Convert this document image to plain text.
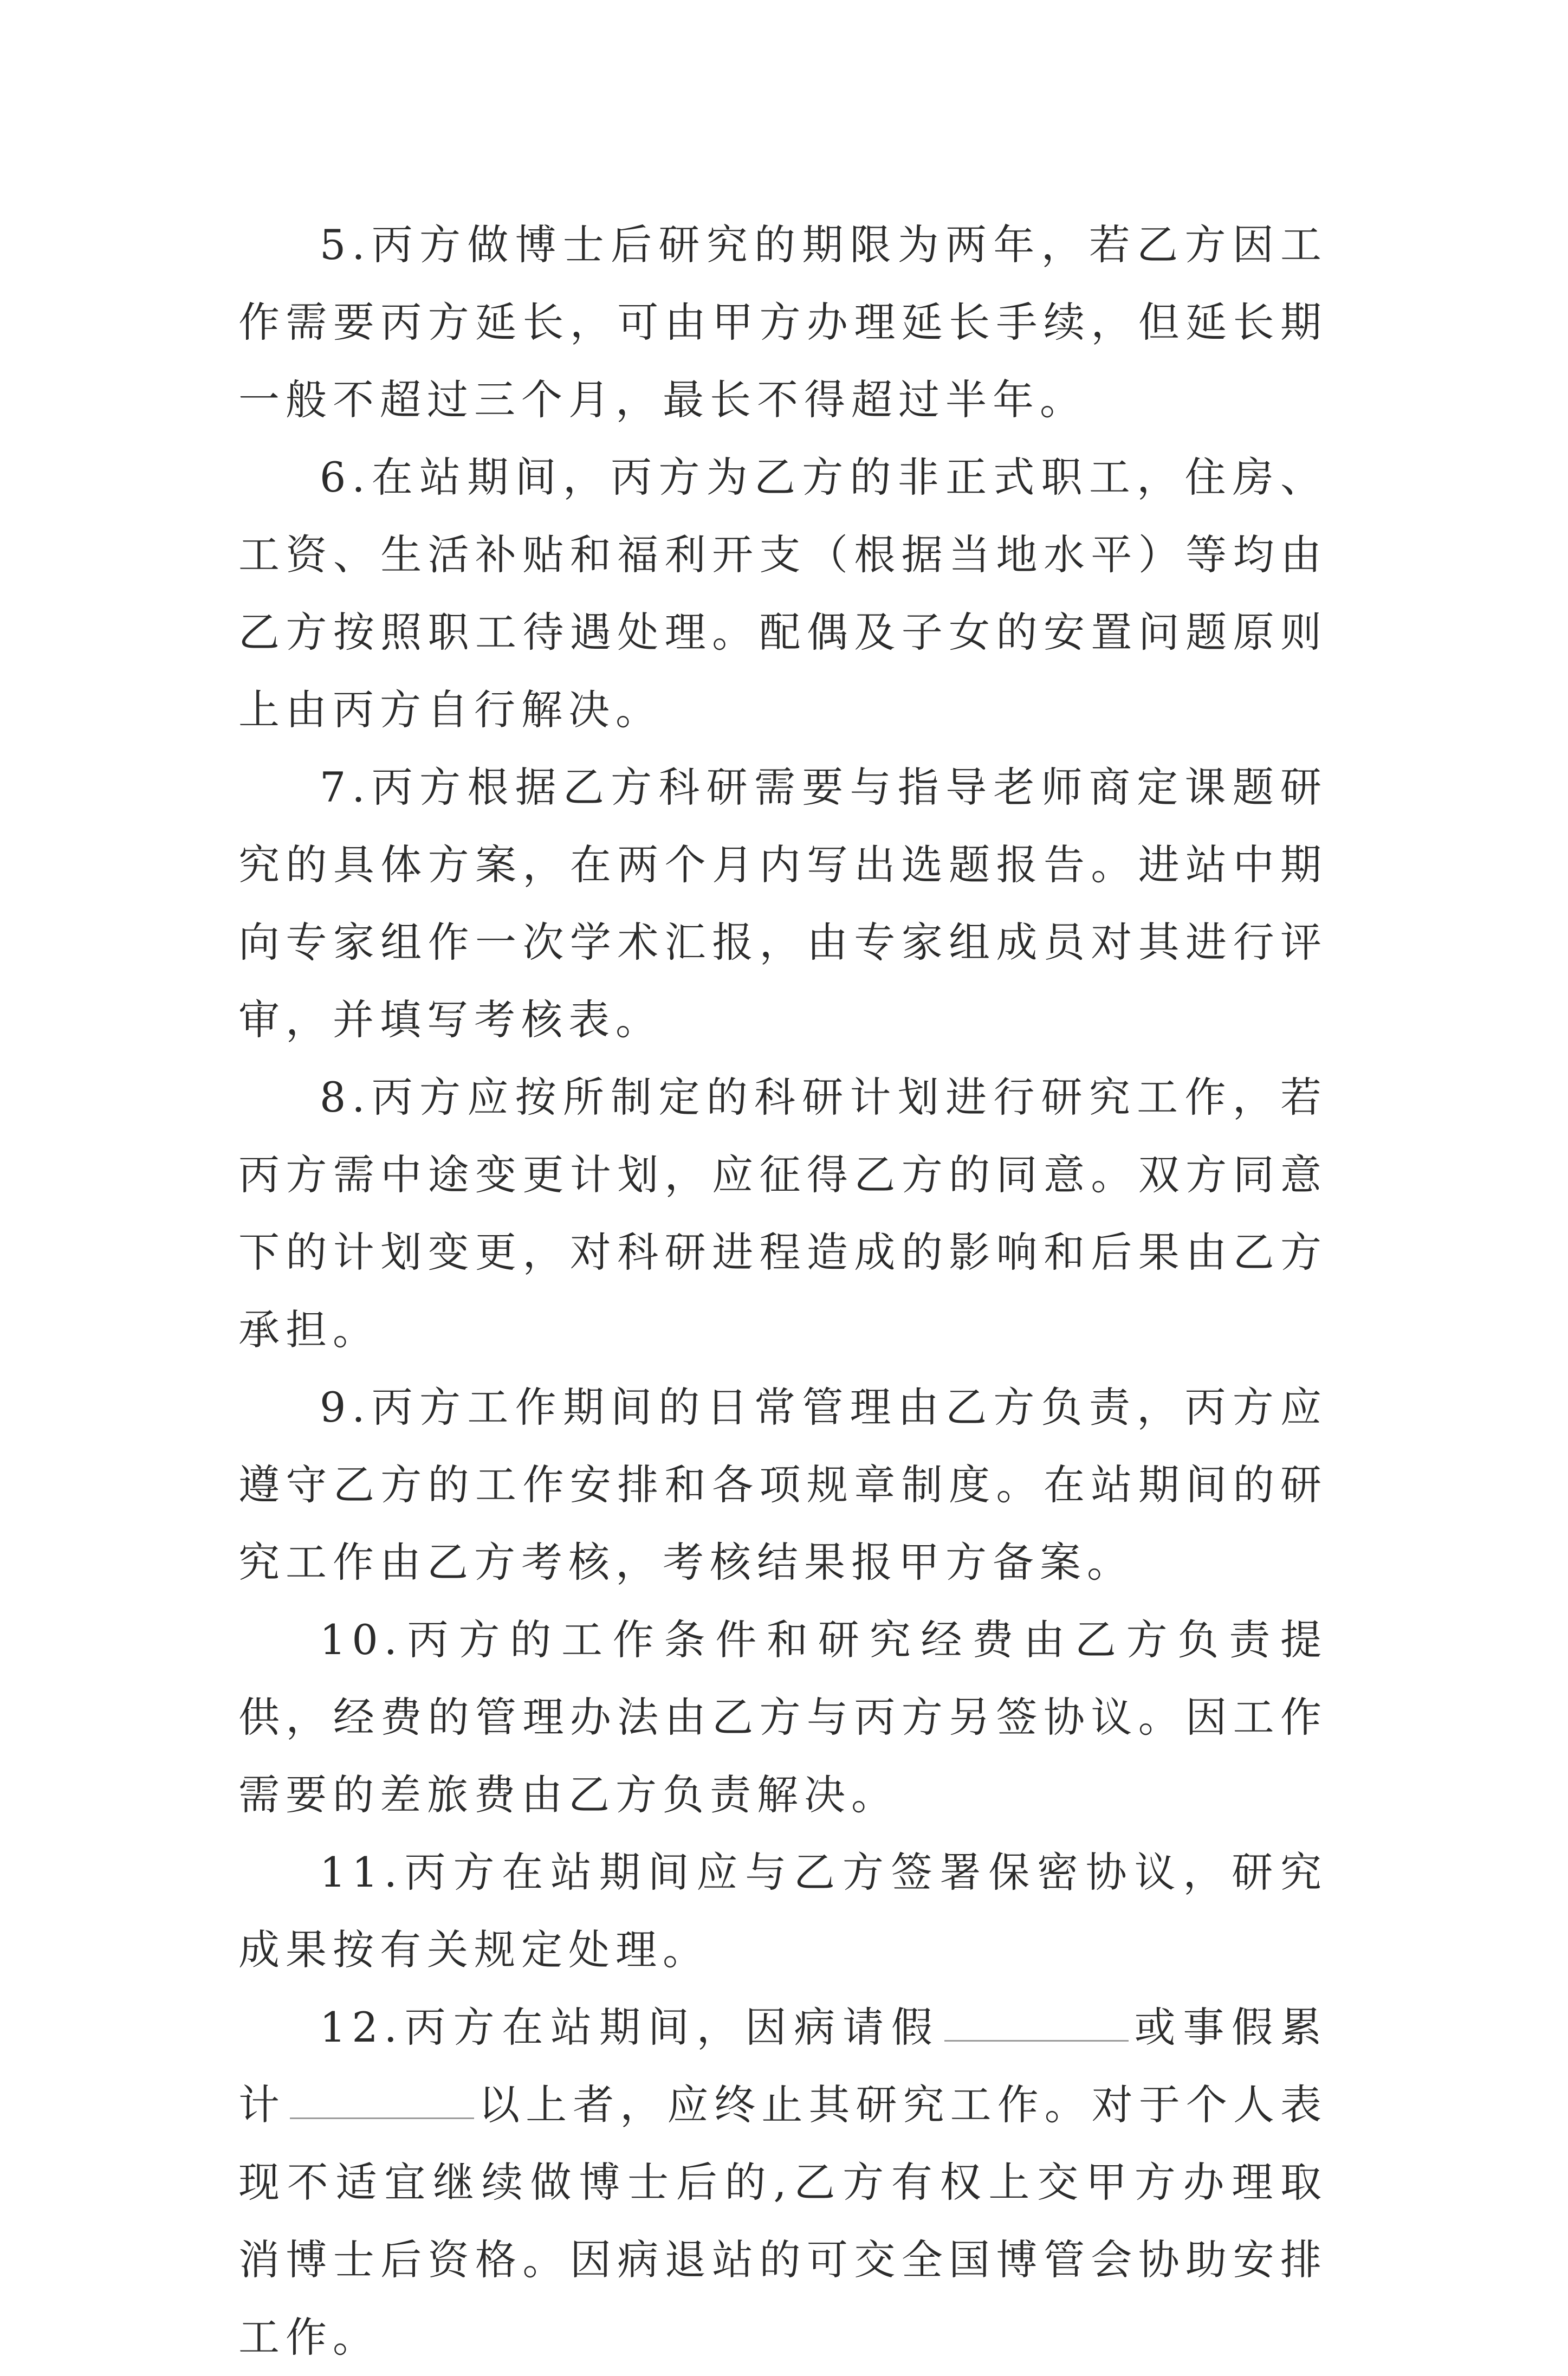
5.丙方做博士后研究的期限为两年，若乙方因工作需要丙方延长，可由甲方办理延长手续，但延长期一般不超过三个月，最长不得超过半年。

6.在站期间，丙方为乙方的非正式职工，住房、工资、生活补贴和福利开支（根据当地水平）等均由乙方按照职工待遇处理。配偶及子女的安置问题原则上由丙方自行解决。

7.丙方根据乙方科研需要与指导老师商定课题研究的具体方案，在两个月内写出选题报告。进站中期向专家组作一次学术汇报，由专家组成员对其进行评审，并填写考核表。

8.丙方应按所制定的科研计划进行研究工作，若丙方需中途变更计划，应征得乙方的同意。双方同意下的计划变更，对科研进程造成的影响和后果由乙方承担。

9.丙方工作期间的日常管理由乙方负责，丙方应遵守乙方的工作安排和各项规章制度。在站期间的研究工作由乙方考核，考核结果报甲方备案。

10.丙方的工作条件和研究经费由乙方负责提供，经费的管理办法由乙方与丙方另签协议。因工作需要的差旅费由乙方负责解决。

11.丙方在站期间应与乙方签署保密协议，研究成果按有关规定处理。

12.丙方在站期间，因病请假	或事假累计	以上者，应终止其研究工作。对于个人表现不适宜继续做博士后的,乙方有权上交甲方办理取消博士后资格。因病退站的可交全国博管会协助安排工作。
